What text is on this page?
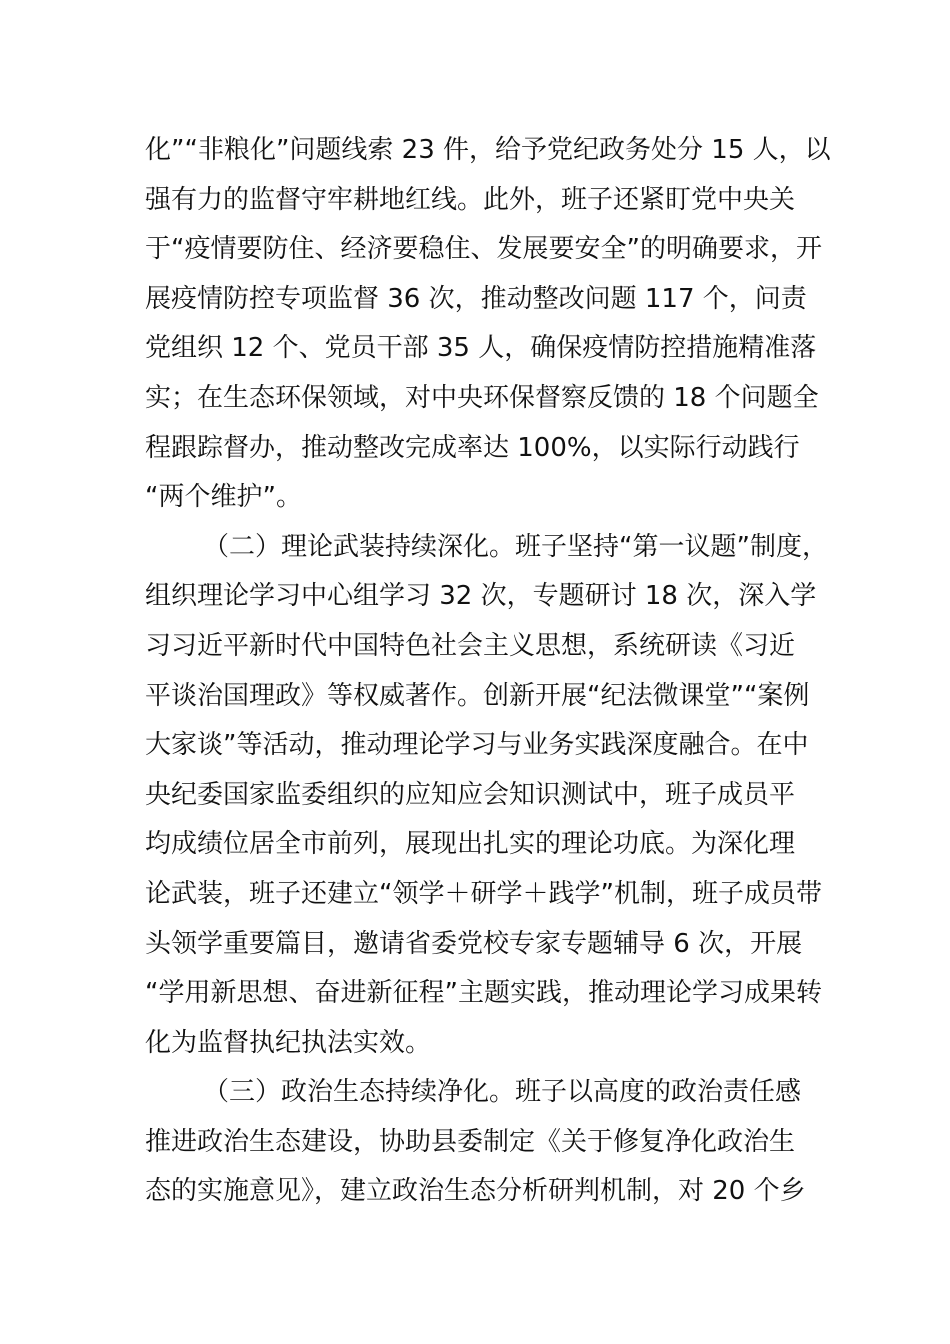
化”“非粮化”问题线索 23 件，给予党纪政务处分 15 人，以
强有力的监督守牢耕地红线。此外，班子还紧盯党中央关
于“疫情要防住、经济要稳住、发展要安全”的明确要求，开
展疫情防控专项监督 36 次，推动整改问题 117 个，问责
党组织 12 个、党员干部 35 人，确保疫情防控措施精准落
实；在生态环保领域，对中央环保督察反馈的 18 个问题全
程跟踪督办，推动整改完成率达 100%，以实际行动践行
“两个维护”。
（二）理论武装持续深化。班子坚持“第一议题”制度，
组织理论学习中心组学习 32 次，专题研讨 18 次，深入学
习习近平新时代中国特色社会主义思想，系统研读《习近
平谈治国理政》等权威著作。创新开展“纪法微课堂”“案例
大家谈”等活动，推动理论学习与业务实践深度融合。在中
央纪委国家监委组织的应知应会知识测试中，班子成员平
均成绩位居全市前列，展现出扎实的理论功底。为深化理
论武装，班子还建立“领学＋研学＋践学”机制，班子成员带
头领学重要篇目，邀请省委党校专家专题辅导 6 次，开展
“学用新思想、奋进新征程”主题实践，推动理论学习成果转
化为监督执纪执法实效。
（三）政治生态持续净化。班子以高度的政治责任感
推进政治生态建设，协助县委制定《关于修复净化政治生
态的实施意见》，建立政治生态分析研判机制，对 20 个乡
